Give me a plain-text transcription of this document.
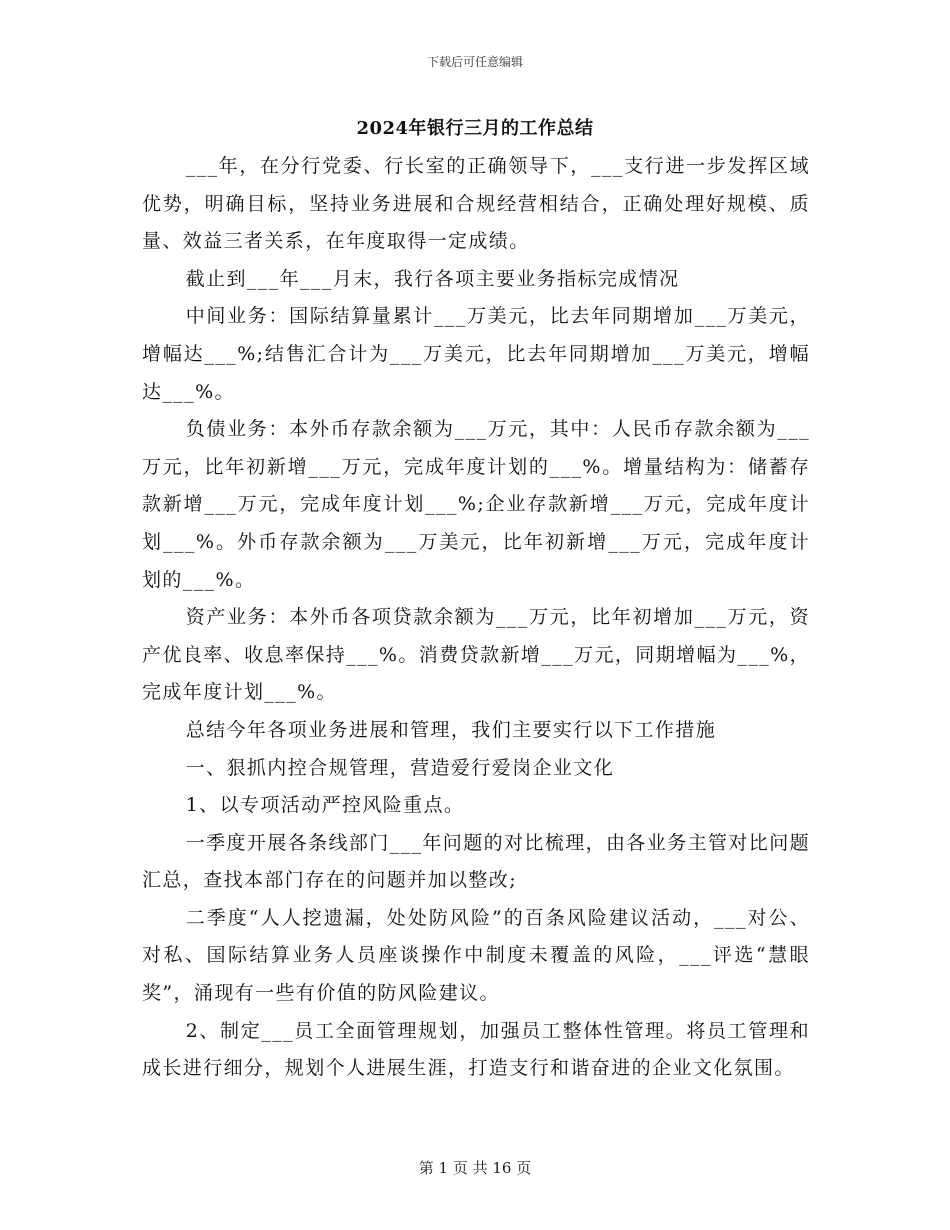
下载后可任意编辑
2024年银行三月的工作总结

___年，在分行党委、行长室的正确领导下，___支行进一步发挥区域优势，明确目标，坚持业务进展和合规经营相结合，正确处理好规模、质量、效益三者关系，在年度取得一定成绩。

截止到___年___月末，我行各项主要业务指标完成情况

中间业务：国际结算量累计___万美元，比去年同期增加___万美元，增幅达___%;结售汇合计为___万美元，比去年同期增加___万美元，增幅达___%。

负债业务：本外币存款余额为___万元，其中：人民币存款余额为___万元，比年初新增___万元，完成年度计划的___%。增量结构为：储蓄存款新增___万元，完成年度计划___%;企业存款新增___万元，完成年度计划___%。外币存款余额为___万美元，比年初新增___万元，完成年度计划的___%。

资产业务：本外币各项贷款余额为___万元，比年初增加___万元，资产优良率、收息率保持___%。消费贷款新增___万元，同期增幅为___%，完成年度计划___%。

总结今年各项业务进展和管理，我们主要实行以下工作措施

一、狠抓内控合规管理，营造爱行爱岗企业文化

1、以专项活动严控风险重点。

一季度开展各条线部门___年问题的对比梳理，由各业务主管对比问题汇总，查找本部门存在的问题并加以整改;

二季度“人人挖遗漏，处处防风险”的百条风险建议活动，___对公、对私、国际结算业务人员座谈操作中制度未覆盖的风险，___评选“慧眼奖”，涌现有一些有价值的防风险建议。

2、制定___员工全面管理规划，加强员工整体性管理。将员工管理和成长进行细分，规划个人进展生涯，打造支行和谐奋进的企业文化氛围。

第 1 页 共 16 页
